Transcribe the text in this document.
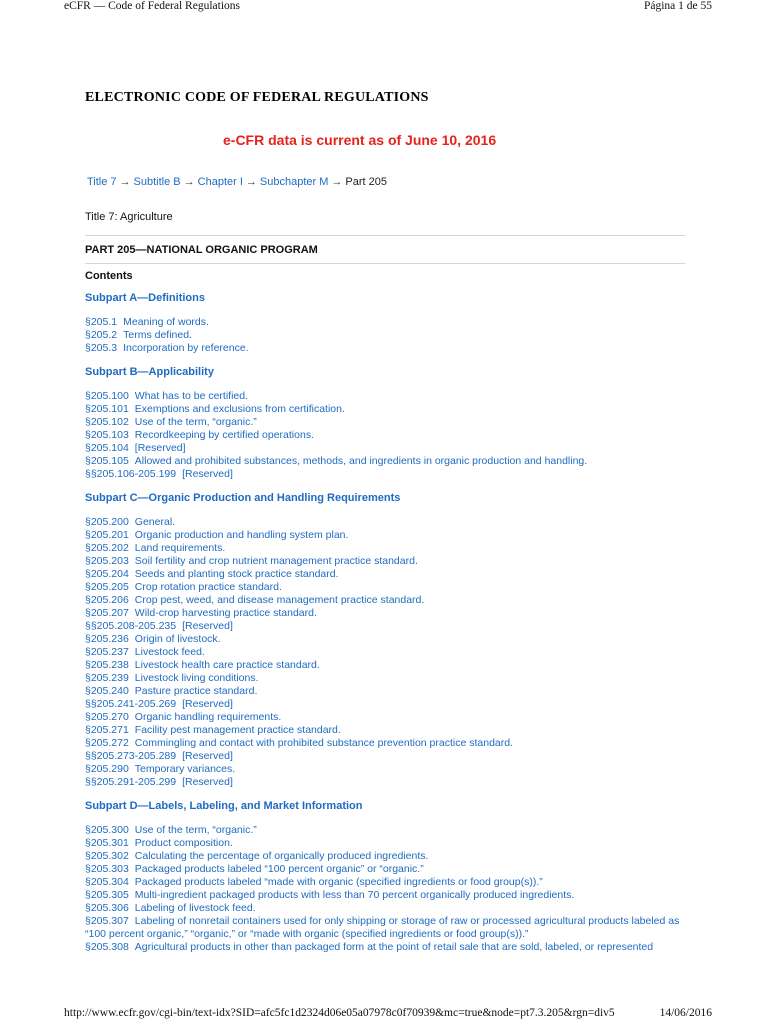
eCFR — Code of Federal Regulations	Página 1 de 55
ELECTRONIC CODE OF FEDERAL REGULATIONS
e-CFR data is current as of June 10, 2016
Title 7 → Subtitle B → Chapter I → Subchapter M → Part 205
Title 7: Agriculture
PART 205—NATIONAL ORGANIC PROGRAM
Contents
Subpart A—Definitions
§205.1 Meaning of words.
§205.2 Terms defined.
§205.3 Incorporation by reference.
Subpart B—Applicability
§205.100 What has to be certified.
§205.101 Exemptions and exclusions from certification.
§205.102 Use of the term, “organic.”
§205.103 Recordkeeping by certified operations.
§205.104 [Reserved]
§205.105 Allowed and prohibited substances, methods, and ingredients in organic production and handling.
§§205.106-205.199 [Reserved]
Subpart C—Organic Production and Handling Requirements
§205.200 General.
§205.201 Organic production and handling system plan.
§205.202 Land requirements.
§205.203 Soil fertility and crop nutrient management practice standard.
§205.204 Seeds and planting stock practice standard.
§205.205 Crop rotation practice standard.
§205.206 Crop pest, weed, and disease management practice standard.
§205.207 Wild-crop harvesting practice standard.
§§205.208-205.235 [Reserved]
§205.236 Origin of livestock.
§205.237 Livestock feed.
§205.238 Livestock health care practice standard.
§205.239 Livestock living conditions.
§205.240 Pasture practice standard.
§§205.241-205.269 [Reserved]
§205.270 Organic handling requirements.
§205.271 Facility pest management practice standard.
§205.272 Commingling and contact with prohibited substance prevention practice standard.
§§205.273-205.289 [Reserved]
§205.290 Temporary variances.
§§205.291-205.299 [Reserved]
Subpart D—Labels, Labeling, and Market Information
§205.300 Use of the term, “organic.”
§205.301 Product composition.
§205.302 Calculating the percentage of organically produced ingredients.
§205.303 Packaged products labeled “100 percent organic” or “organic.”
§205.304 Packaged products labeled “made with organic (specified ingredients or food group(s)).”
§205.305 Multi-ingredient packaged products with less than 70 percent organically produced ingredients.
§205.306 Labeling of livestock feed.
§205.307 Labeling of nonretail containers used for only shipping or storage of raw or processed agricultural products labeled as “100 percent organic,” “organic,” or “made with organic (specified ingredients or food group(s)).”
§205.308 Agricultural products in other than packaged form at the point of retail sale that are sold, labeled, or represented
http://www.ecfr.gov/cgi-bin/text-idx?SID=afc5fc1d2324d06e05a07978c0f70939&mc=true&node=pt7.3.205&rgn=div5	14/06/2016
